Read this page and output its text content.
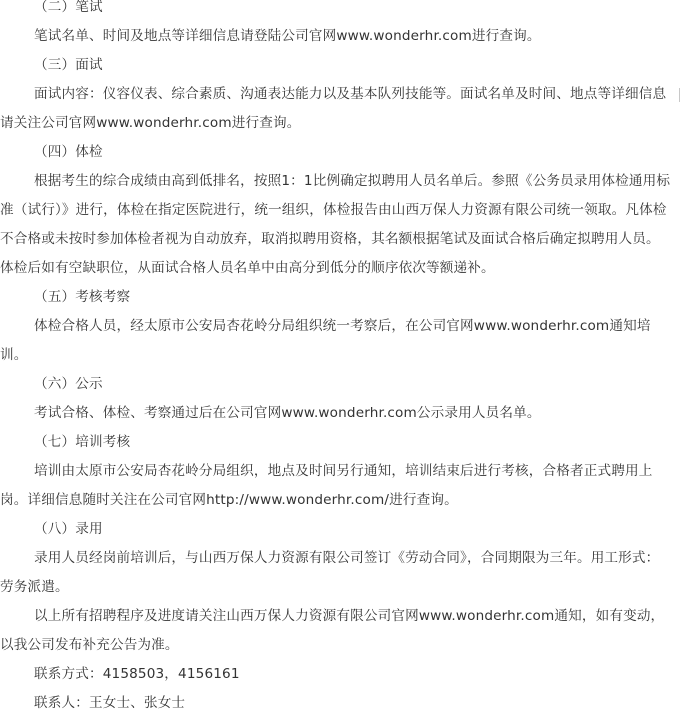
（二）笔试

笔试名单、时间及地点等详细信息请登陆公司官网www.wonderhr.com进行查询。

（三）面试

面试内容：仪容仪表、综合素质、沟通表达能力以及基本队列技能等。面试名单及时间、地点等详细信息请关注公司官网www.wonderhr.com进行查询。

（四）体检

根据考生的综合成绩由高到低排名，按照1：1比例确定拟聘用人员名单后。参照《公务员录用体检通用标准（试行）》进行，体检在指定医院进行，统一组织，体检报告由山西万保人力资源有限公司统一领取。凡体检不合格或未按时参加体检者视为自动放弃，取消拟聘用资格，其名额根据笔试及面试合格后确定拟聘用人员。体检后如有空缺职位，从面试合格人员名单中由高分到低分的顺序依次等额递补。

（五）考核考察

体检合格人员，经太原市公安局杏花岭分局组织统一考察后，在公司官网www.wonderhr.com通知培训。

（六）公示

考试合格、体检、考察通过后在公司官网www.wonderhr.com公示录用人员名单。

（七）培训考核

培训由太原市公安局杏花岭分局组织，地点及时间另行通知，培训结束后进行考核，合格者正式聘用上岗。详细信息随时关注在公司官网http://www.wonderhr.com/进行查询。

（八）录用

录用人员经岗前培训后，与山西万保人力资源有限公司签订《劳动合同》，合同期限为三年。用工形式：劳务派遣。

以上所有招聘程序及进度请关注山西万保人力资源有限公司官网www.wonderhr.com通知，如有变动，以我公司发布补充公告为准。

联系方式：4158503，4156161

联系人：王女士、张女士
